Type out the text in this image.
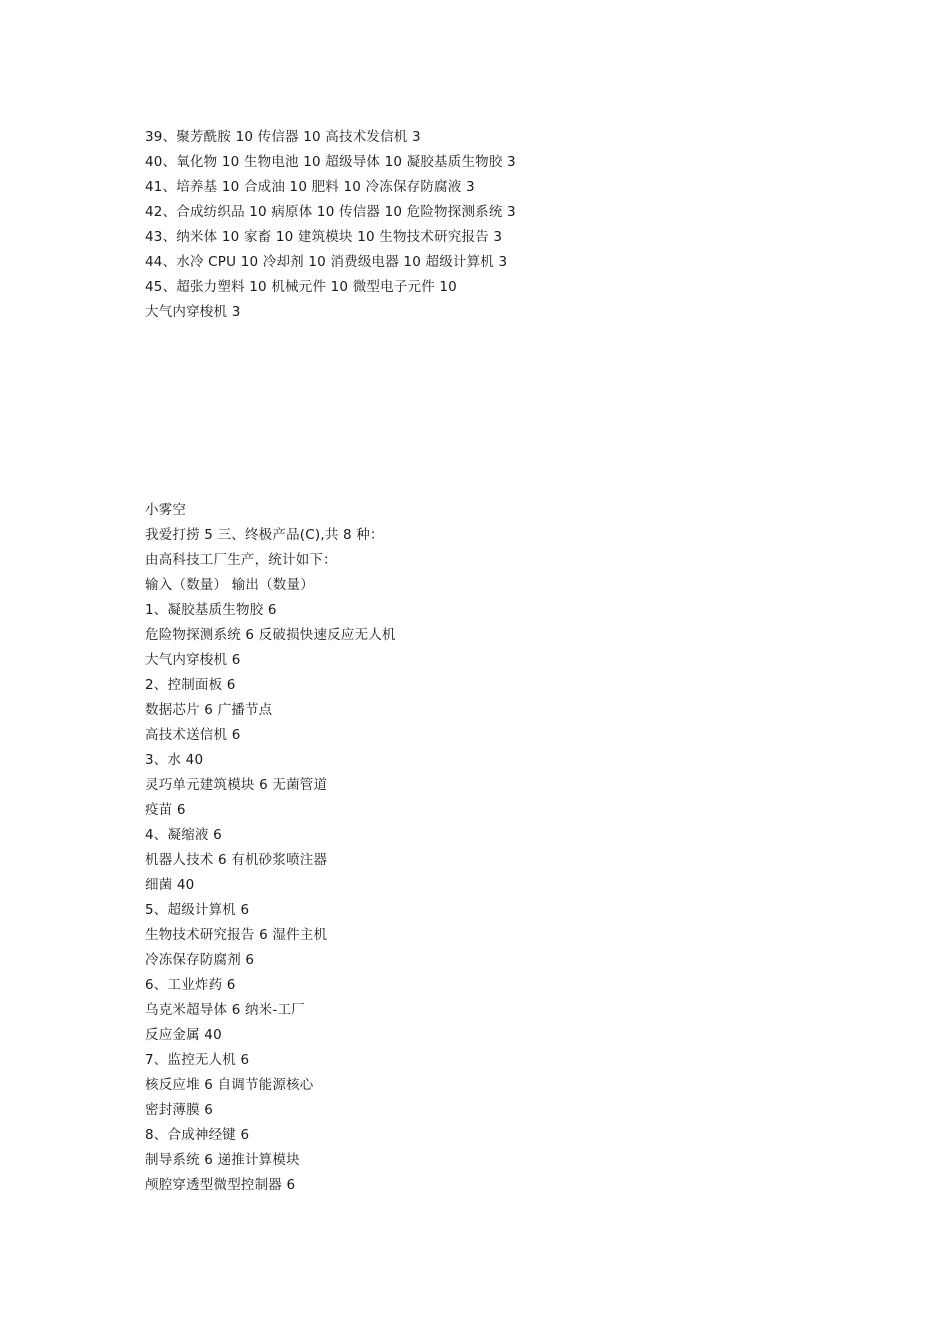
39、聚芳酰胺 10 传信器 10 高技术发信机 3
40、氧化物 10 生物电池 10 超级导体 10 凝胶基质生物胶 3
41、培养基 10 合成油 10 肥料 10 冷冻保存防腐液 3
42、合成纺织品 10 病原体 10 传信器 10 危险物探测系统 3
43、纳米体 10 家畜 10 建筑模块 10 生物技术研究报告 3
44、水冷 CPU 10 冷却剂 10 消费级电器 10 超级计算机 3
45、超张力塑料 10 机械元件 10 微型电子元件 10
大气内穿梭机 3
小雾空
我爱打捞 5 三、终极产品(C),共 8 种：
由高科技工厂生产，统计如下：
输入（数量） 输出（数量）
1、凝胶基质生物胶 6
危险物探测系统 6 反破损快速反应无人机
大气内穿梭机 6
2、控制面板 6
数据芯片 6 广播节点
高技术送信机 6
3、水 40
灵巧单元建筑模块 6 无菌管道
疫苗 6
4、凝缩液 6
机器人技术 6 有机砂浆喷注器
细菌 40
5、超级计算机 6
生物技术研究报告 6 湿件主机
冷冻保存防腐剂 6
6、工业炸药 6
乌克米超导体 6 纳米-工厂
反应金属 40
7、监控无人机 6
核反应堆 6 自调节能源核心
密封薄膜 6
8、合成神经键 6
制导系统 6 递推计算模块
颅腔穿透型微型控制器 6
